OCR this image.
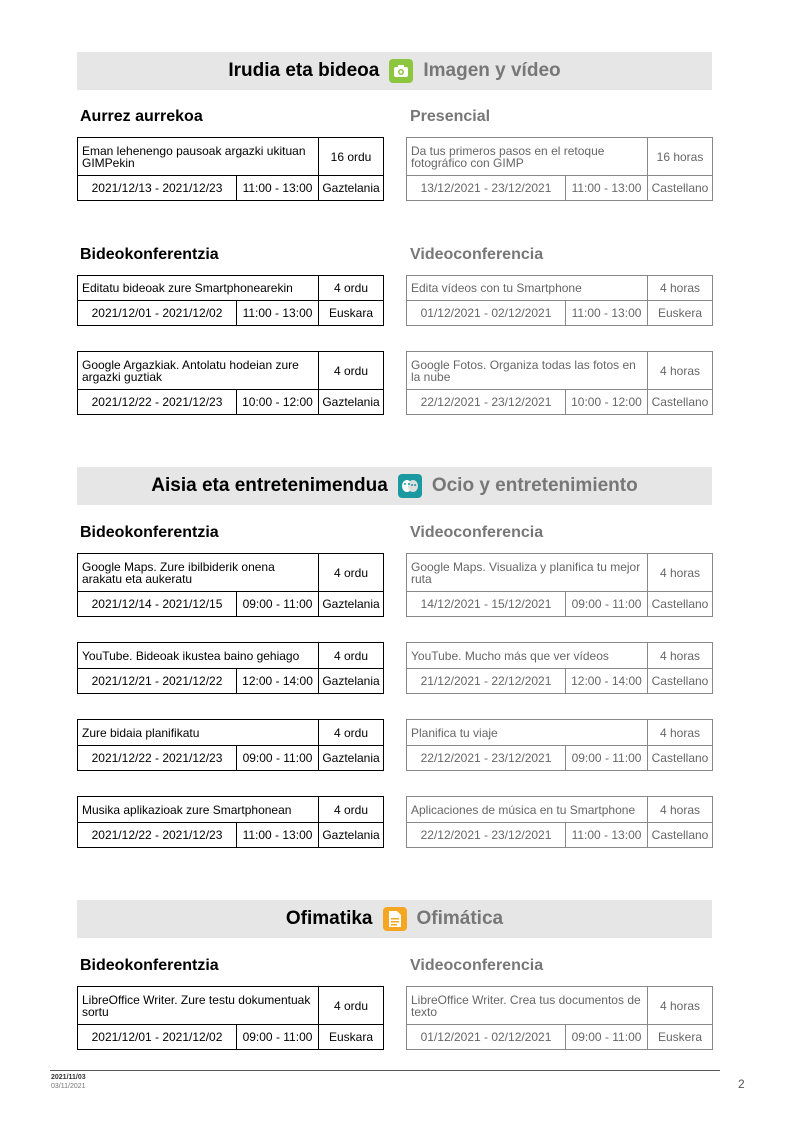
Irudia eta bideoa Imagen y vídeo
Aurrez aurrekoa	Presencial
Eman lehenengo pausoak argazki ukituan GIMPekin		16 ordu
2021/12/13 - 2021/12/23	11:00 - 13:00	Gaztelania
Da tus primeros pasos en el retoque fotográfico con GIMP		16 horas
13/12/2021 - 23/12/2021	11:00 - 13:00	Castellano
Bideokonferentzia	Videoconferencia
Editatu bideoak zure Smartphonearekin		4 ordu
2021/12/01 - 2021/12/02	11:00 - 13:00	Euskara
Edita vídeos con tu Smartphone		4 horas
01/12/2021 - 02/12/2021	11:00 - 13:00	Euskera
Google Argazkiak. Antolatu hodeian zure argazki guztiak		4 ordu
2021/12/22 - 2021/12/23	10:00 - 12:00	Gaztelania
Google Fotos. Organiza todas las fotos en la nube		4 horas
22/12/2021 - 23/12/2021	10:00 - 12:00	Castellano
Aisia eta entretenimendua Ocio y entretenimiento
Bideokonferentzia	Videoconferencia
Google Maps. Zure ibilbiderik onena arakatu eta aukeratu		4 ordu
2021/12/14 - 2021/12/15	09:00 - 11:00	Gaztelania
Google Maps. Visualiza y planifica tu mejor ruta		4 horas
14/12/2021 - 15/12/2021	09:00 - 11:00	Castellano
YouTube. Bideoak ikustea baino gehiago		4 ordu
2021/12/21 - 2021/12/22	12:00 - 14:00	Gaztelania
YouTube. Mucho más que ver vídeos		4 horas
21/12/2021 - 22/12/2021	12:00 - 14:00	Castellano
Zure bidaia planifikatu		4 ordu
2021/12/22 - 2021/12/23	09:00 - 11:00	Gaztelania
Planifica tu viaje		4 horas
22/12/2021 - 23/12/2021	09:00 - 11:00	Castellano
Musika aplikazioak zure Smartphonean		4 ordu
2021/12/22 - 2021/12/23	11:00 - 13:00	Gaztelania
Aplicaciones de música en tu Smartphone		4 horas
22/12/2021 - 23/12/2021	11:00 - 13:00	Castellano
Ofimatika Ofimática
Bideokonferentzia	Videoconferencia
LibreOffice Writer. Zure testu dokumentuak sortu		4 ordu
2021/12/01 - 2021/12/02	09:00 - 11:00	Euskara
LibreOffice Writer. Crea tus documentos de texto		4 horas
01/12/2021 - 02/12/2021	09:00 - 11:00	Euskera
2021/11/03
03/11/2021	2
